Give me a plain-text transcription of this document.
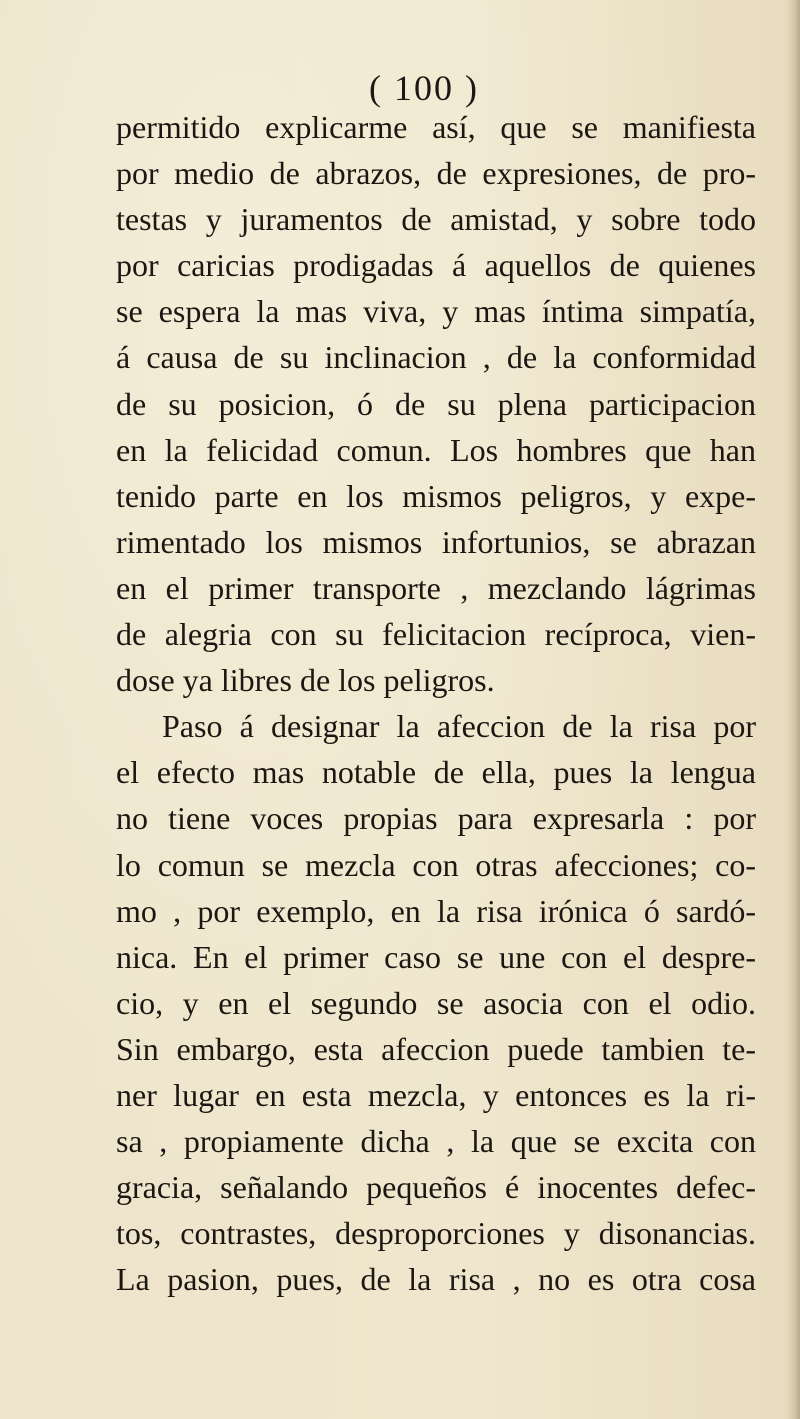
( 100 )
permitido explicarme así, que se manifiesta
por medio de abrazos, de expresiones, de pro-
testas y juramentos de amistad, y sobre todo
por caricias prodigadas á aquellos de quienes
se espera la mas viva, y mas íntima simpatía,
á causa de su inclinacion , de la conformidad
de su posicion, ó de su plena participacion
en la felicidad comun. Los hombres que han
tenido parte en los mismos peligros, y expe-
rimentado los mismos infortunios, se abrazan
en el primer transporte , mezclando lágrimas
de alegria con su felicitacion recíproca, vien-
dose ya libres de los peligros.
Paso á designar la afeccion de la risa por
el efecto mas notable de ella, pues la lengua
no tiene voces propias para expresarla : por
lo comun se mezcla con otras afecciones; co-
mo , por exemplo, en la risa irónica ó sardó-
nica. En el primer caso se une con el despre-
cio, y en el segundo se asocia con el odio.
Sin embargo, esta afeccion puede tambien te-
ner lugar en esta mezcla, y entonces es la ri-
sa , propiamente dicha , la que se excita con
gracia, señalando pequeños é inocentes defec-
tos, contrastes, desproporciones y disonancias.
La pasion, pues, de la risa , no es otra cosa
